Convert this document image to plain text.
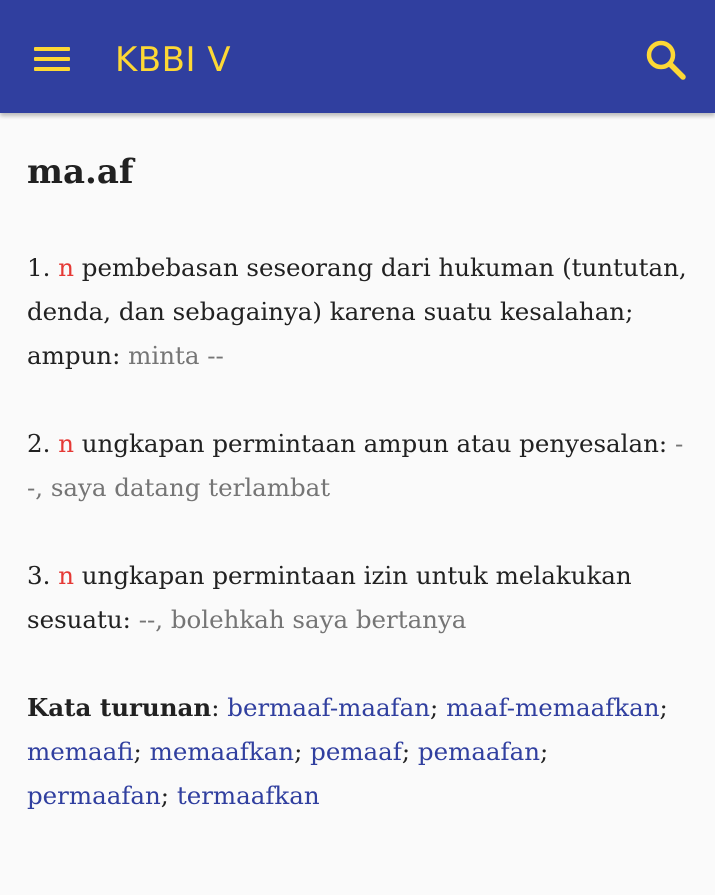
KBBI V
ma.af
1. n pembebasan seseorang dari hukuman (tuntutan, denda, dan sebagainya) karena suatu kesalahan; ampun: minta --
2. n ungkapan permintaan ampun atau penyesalan: --, saya datang terlambat
3. n ungkapan permintaan izin untuk melakukan sesuatu: --, bolehkah saya bertanya
Kata turunan: bermaaf-maafan; maaf-memaafkan; memaafi; memaafkan; pemaaf; pemaafan; permaafan; termaafkan
